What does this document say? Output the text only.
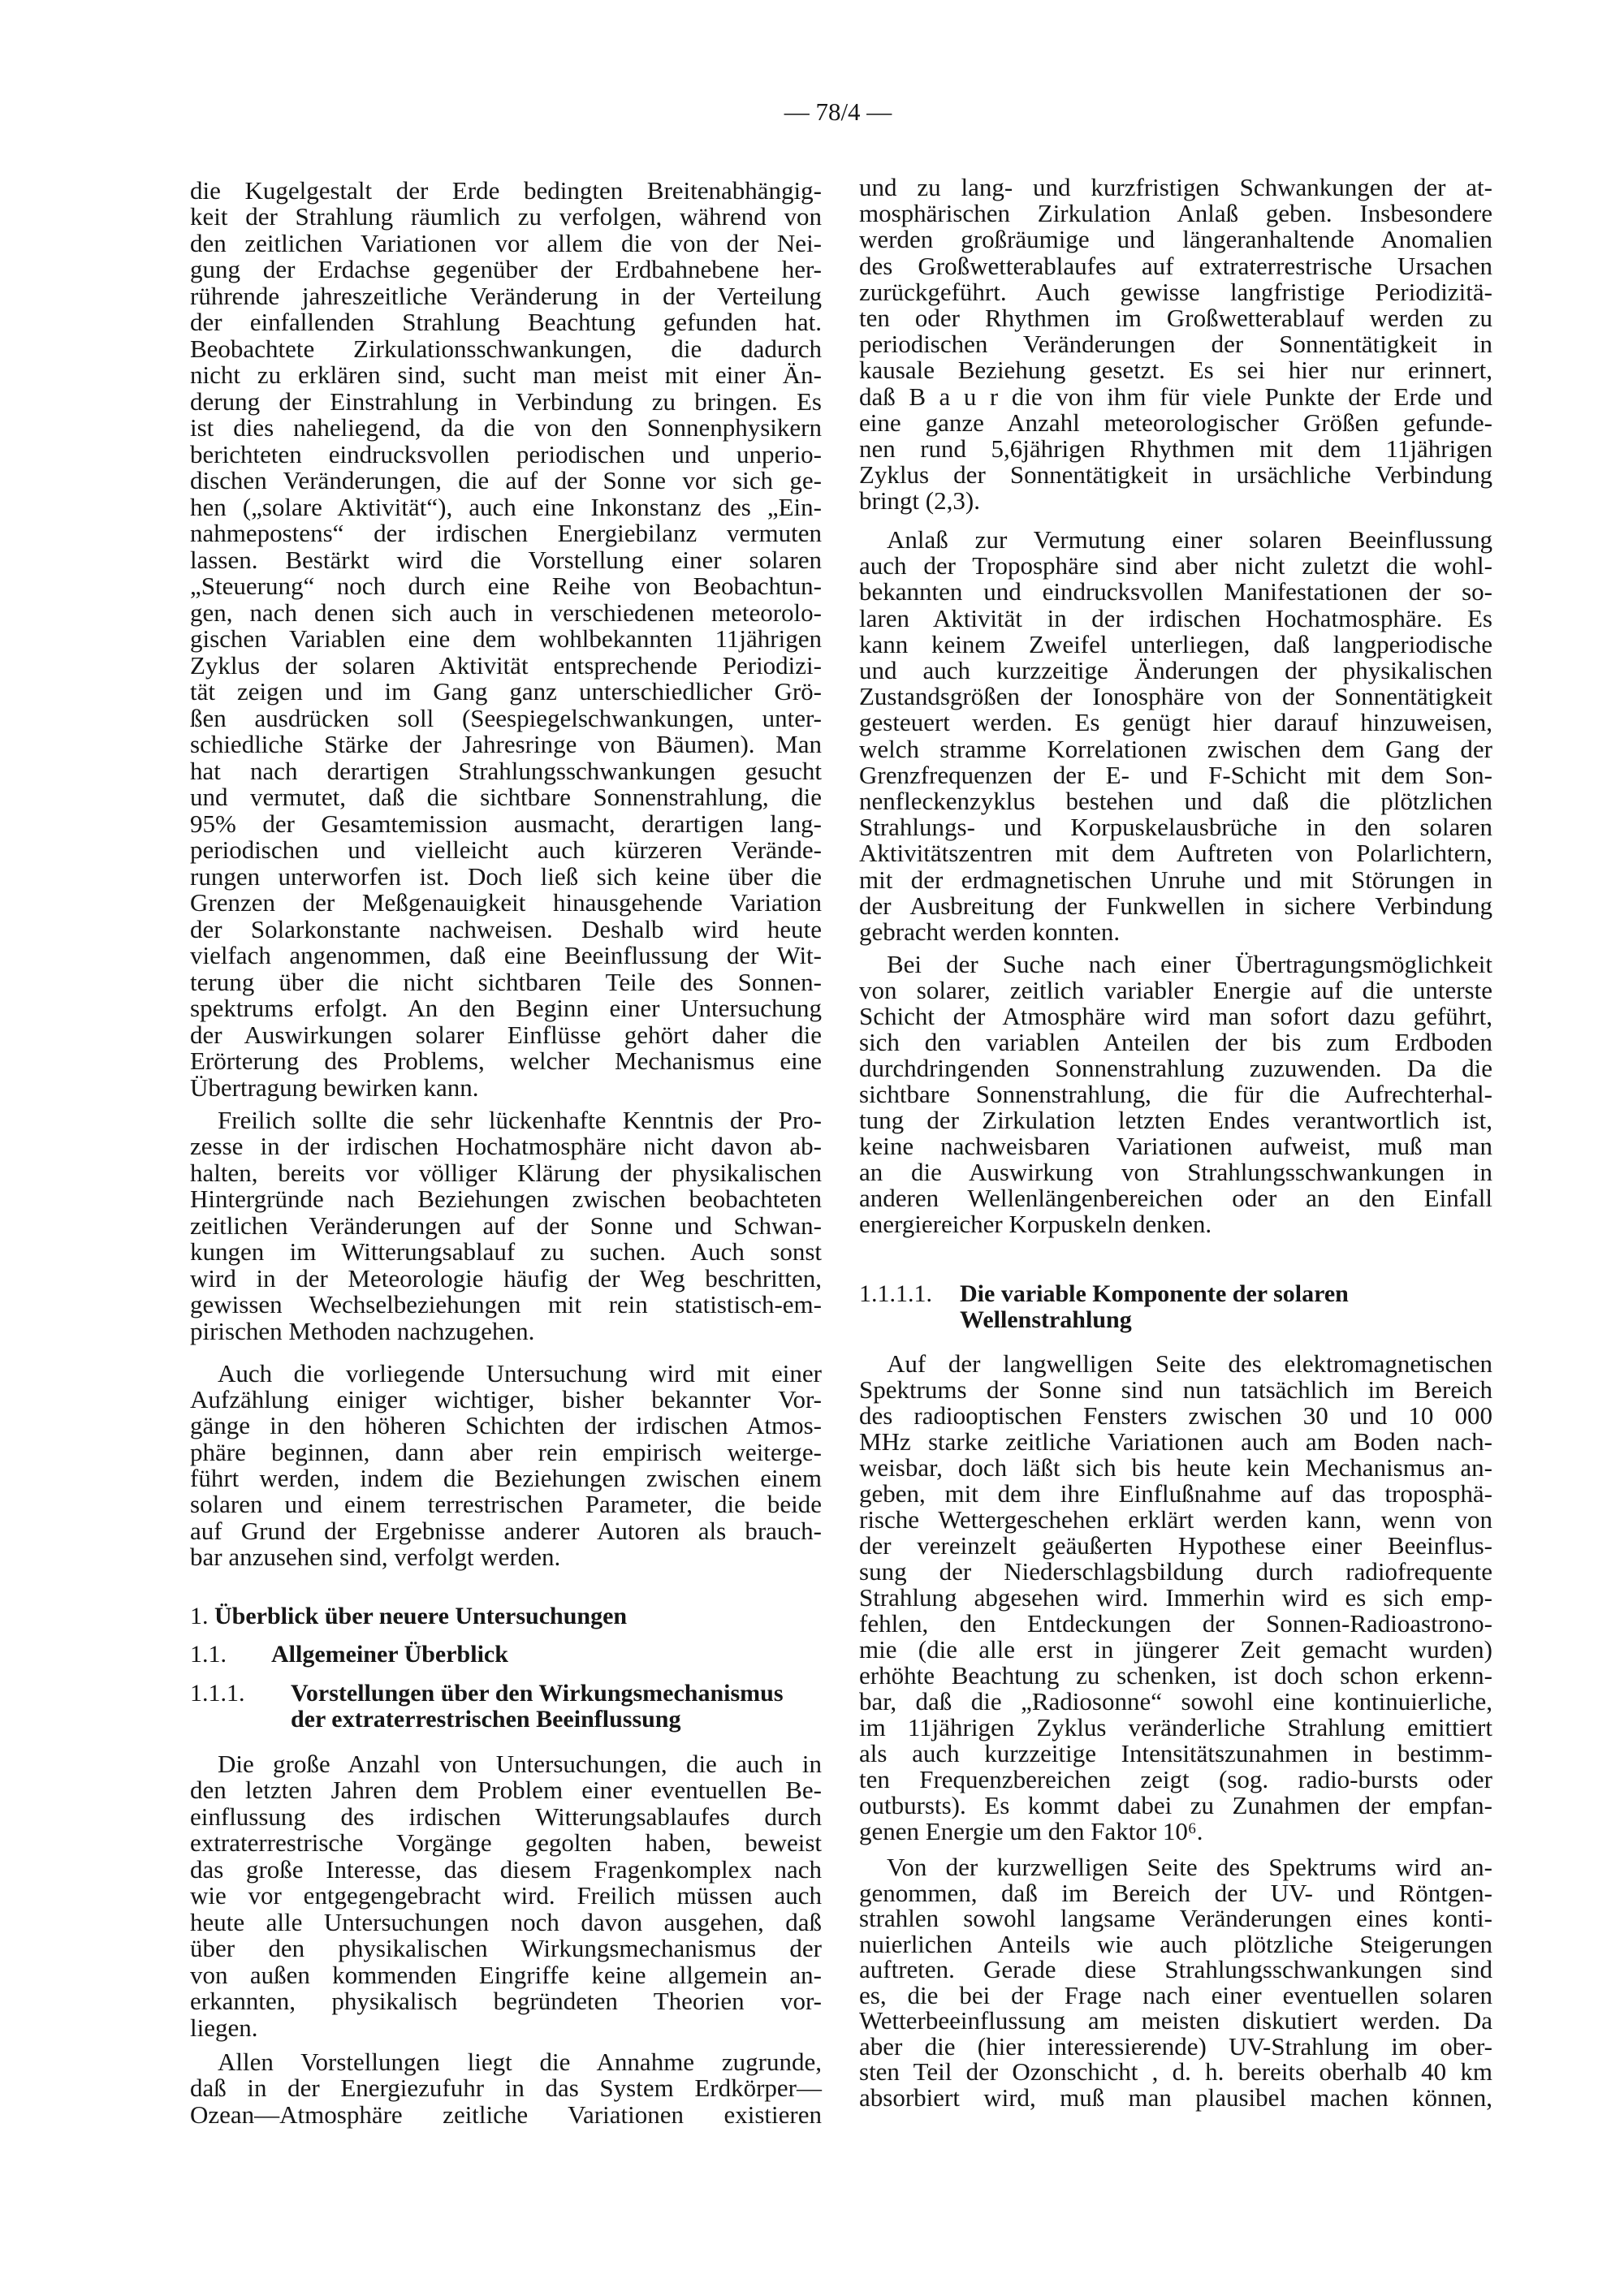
— 78/4 —
die Kugelgestalt der Erde bedingten Breitenabhängig-
keit der Strahlung räumlich zu verfolgen, während von
den zeitlichen Variationen vor allem die von der Nei-
gung der Erdachse gegenüber der Erdbahnebene her-
rührende jahreszeitliche Veränderung in der Verteilung
der einfallenden Strahlung Beachtung gefunden hat.
Beobachtete Zirkulationsschwankungen, die dadurch
nicht zu erklären sind, sucht man meist mit einer Än-
derung der Einstrahlung in Verbindung zu bringen. Es
ist dies naheliegend, da die von den Sonnenphysikern
berichteten eindrucksvollen periodischen und unperio-
dischen Veränderungen, die auf der Sonne vor sich ge-
hen („solare Aktivität“), auch eine Inkonstanz des „Ein-
nahmepostens“ der irdischen Energiebilanz vermuten
lassen. Bestärkt wird die Vorstellung einer solaren
„Steuerung“ noch durch eine Reihe von Beobachtun-
gen, nach denen sich auch in verschiedenen meteorolo-
gischen Variablen eine dem wohlbekannten 11jährigen
Zyklus der solaren Aktivität entsprechende Periodizi-
tät zeigen und im Gang ganz unterschiedlicher Grö-
ßen ausdrücken soll (Seespiegelschwankungen, unter-
schiedliche Stärke der Jahresringe von Bäumen). Man
hat nach derartigen Strahlungsschwankungen gesucht
und vermutet, daß die sichtbare Sonnenstrahlung, die
95% der Gesamtemission ausmacht, derartigen lang-
periodischen und vielleicht auch kürzeren Verände-
rungen unterworfen ist. Doch ließ sich keine über die
Grenzen der Meßgenauigkeit hinausgehende Variation
der Solarkonstante nachweisen. Deshalb wird heute
vielfach angenommen, daß eine Beeinflussung der Wit-
terung über die nicht sichtbaren Teile des Sonnen-
spektrums erfolgt. An den Beginn einer Untersuchung
der Auswirkungen solarer Einflüsse gehört daher die
Erörterung des Problems, welcher Mechanismus eine
Übertragung bewirken kann.
Freilich sollte die sehr lückenhafte Kenntnis der Pro-
zesse in der irdischen Hochatmosphäre nicht davon ab-
halten, bereits vor völliger Klärung der physikalischen
Hintergründe nach Beziehungen zwischen beobachteten
zeitlichen Veränderungen auf der Sonne und Schwan-
kungen im Witterungsablauf zu suchen. Auch sonst
wird in der Meteorologie häufig der Weg beschritten,
gewissen Wechselbeziehungen mit rein statistisch-em-
pirischen Methoden nachzugehen.
Auch die vorliegende Untersuchung wird mit einer
Aufzählung einiger wichtiger, bisher bekannter Vor-
gänge in den höheren Schichten der irdischen Atmos-
phäre beginnen, dann aber rein empirisch weiterge-
führt werden, indem die Beziehungen zwischen einem
solaren und einem terrestrischen Parameter, die beide
auf Grund der Ergebnisse anderer Autoren als brauch-
bar anzusehen sind, verfolgt werden.
1. Überblick über neuere Untersuchungen
1.1. Allgemeiner Überblick
1.1.1. Vorstellungen über den Wirkungsmechanismus
der extraterrestrischen Beeinflussung
Die große Anzahl von Untersuchungen, die auch in
den letzten Jahren dem Problem einer eventuellen Be-
einflussung des irdischen Witterungsablaufes durch
extraterrestrische Vorgänge gegolten haben, beweist
das große Interesse, das diesem Fragenkomplex nach
wie vor entgegengebracht wird. Freilich müssen auch
heute alle Untersuchungen noch davon ausgehen, daß
über den physikalischen Wirkungsmechanismus der
von außen kommenden Eingriffe keine allgemein an-
erkannten, physikalisch begründeten Theorien vor-
liegen.
Allen Vorstellungen liegt die Annahme zugrunde,
daß in der Energiezufuhr in das System Erdkörper—
Ozean—Atmosphäre zeitliche Variationen existieren
und zu lang- und kurzfristigen Schwankungen der at-
mosphärischen Zirkulation Anlaß geben. Insbesondere
werden großräumige und längeranhaltende Anomalien
des Großwetterablaufes auf extraterrestrische Ursachen
zurückgeführt. Auch gewisse langfristige Periodizitä-
ten oder Rhythmen im Großwetterablauf werden zu
periodischen Veränderungen der Sonnentätigkeit in
kausale Beziehung gesetzt. Es sei hier nur erinnert,
daß B a u r die von ihm für viele Punkte der Erde und
eine ganze Anzahl meteorologischer Größen gefunde-
nen rund 5,6jährigen Rhythmen mit dem 11jährigen
Zyklus der Sonnentätigkeit in ursächliche Verbindung
bringt (2,3).
Anlaß zur Vermutung einer solaren Beeinflussung
auch der Troposphäre sind aber nicht zuletzt die wohl-
bekannten und eindrucksvollen Manifestationen der so-
laren Aktivität in der irdischen Hochatmosphäre. Es
kann keinem Zweifel unterliegen, daß langperiodische
und auch kurzzeitige Änderungen der physikalischen
Zustandsgrößen der Ionosphäre von der Sonnentätigkeit
gesteuert werden. Es genügt hier darauf hinzuweisen,
welch stramme Korrelationen zwischen dem Gang der
Grenzfrequenzen der E- und F-Schicht mit dem Son-
nenfleckenzyklus bestehen und daß die plötzlichen
Strahlungs- und Korpuskelausbrüche in den solaren
Aktivitätszentren mit dem Auftreten von Polarlichtern,
mit der erdmagnetischen Unruhe und mit Störungen in
der Ausbreitung der Funkwellen in sichere Verbindung
gebracht werden konnten.
Bei der Suche nach einer Übertragungsmöglichkeit
von solarer, zeitlich variabler Energie auf die unterste
Schicht der Atmosphäre wird man sofort dazu geführt,
sich den variablen Anteilen der bis zum Erdboden
durchdringenden Sonnenstrahlung zuzuwenden. Da die
sichtbare Sonnenstrahlung, die für die Aufrechterhal-
tung der Zirkulation letzten Endes verantwortlich ist,
keine nachweisbaren Variationen aufweist, muß man
an die Auswirkung von Strahlungsschwankungen in
anderen Wellenlängenbereichen oder an den Einfall
energiereicher Korpuskeln denken.
1.1.1.1. Die variable Komponente der solaren
Wellenstrahlung
Auf der langwelligen Seite des elektromagnetischen
Spektrums der Sonne sind nun tatsächlich im Bereich
des radiooptischen Fensters zwischen 30 und 10 000
MHz starke zeitliche Variationen auch am Boden nach-
weisbar, doch läßt sich bis heute kein Mechanismus an-
geben, mit dem ihre Einflußnahme auf das troposphä-
rische Wettergeschehen erklärt werden kann, wenn von
der vereinzelt geäußerten Hypothese einer Beeinflus-
sung der Niederschlagsbildung durch radiofrequente
Strahlung abgesehen wird. Immerhin wird es sich emp-
fehlen, den Entdeckungen der Sonnen-Radioastrono-
mie (die alle erst in jüngerer Zeit gemacht wurden)
erhöhte Beachtung zu schenken, ist doch schon erkenn-
bar, daß die „Radiosonne“ sowohl eine kontinuierliche,
im 11jährigen Zyklus veränderliche Strahlung emittiert
als auch kurzzeitige Intensitätszunahmen in bestimm-
ten Frequenzbereichen zeigt (sog. radio-bursts oder
outbursts). Es kommt dabei zu Zunahmen der empfan-
genen Energie um den Faktor 10⁶.
Von der kurzwelligen Seite des Spektrums wird an-
genommen, daß im Bereich der UV- und Röntgen-
strahlen sowohl langsame Veränderungen eines konti-
nuierlichen Anteils wie auch plötzliche Steigerungen
auftreten. Gerade diese Strahlungsschwankungen sind
es, die bei der Frage nach einer eventuellen solaren
Wetterbeeinflussung am meisten diskutiert werden. Da
aber die (hier interessierende) UV-Strahlung im ober-
sten Teil der Ozonschicht , d. h. bereits oberhalb 40 km
absorbiert wird, muß man plausibel machen können,
